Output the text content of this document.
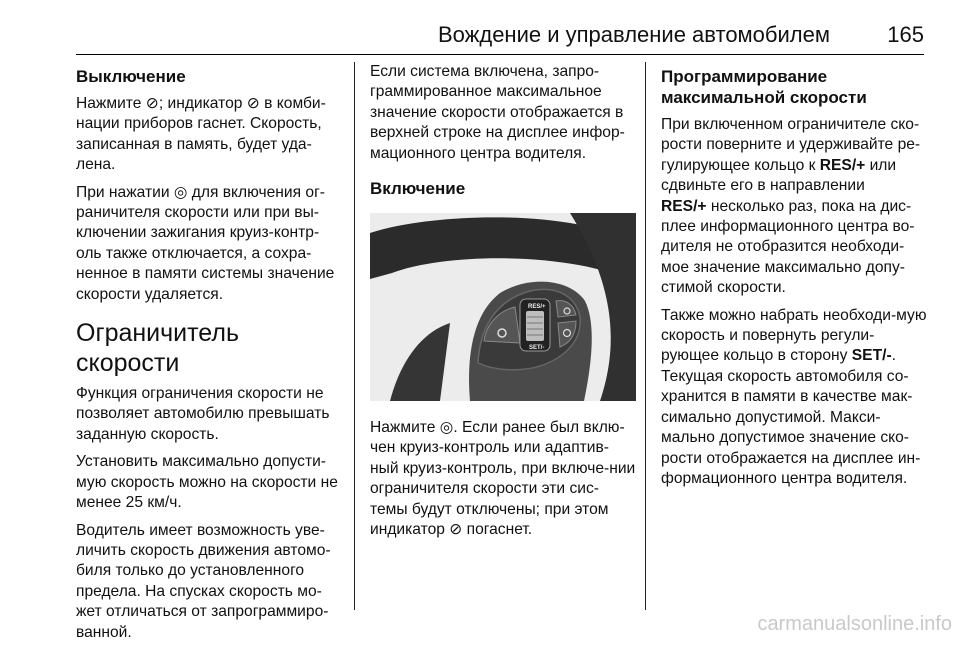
Вождение и управление автомобилем	165
Выключение

Нажмите ⊘; индикатор ⊘ в комби-нации приборов гаснет. Скорость, записанная в память, будет уда-лена.

При нажатии ◎ для включения ог-раничителя скорости или при вы-ключении зажигания круиз-контр-оль также отключается, а сохра-ненное в памяти системы значение скорости удаляется.

Ограничитель скорости

Функция ограничения скорости не позволяет автомобилю превышать заданную скорость.

Установить максимально допусти-мую скорость можно на скорости не менее 25 км/ч.

Водитель имеет возможность уве-личить скорость движения автомо-биля только до установленного предела. На спусках скорость мо-жет отличаться от запрограммиро-ванной.

Если система включена, запро-граммированное максимальное значение скорости отображается в верхней строке на дисплее инфор-мационного центра водителя.

Включение
RES/+
SET/-

Нажмите ◎. Если ранее был вклю-чен круиз-контроль или адаптив-ный круиз-контроль, при включе-нии ограничителя скорости эти сис-темы будут отключены; при этом индикатор ⊘ погаснет.

Программирование максимальной скорости

При включенном ограничителе ско-рости поверните и удерживайте ре-гулирующее кольцо к RES/+ или сдвиньте его в направлении
RES/+ несколько раз, пока на дис-плее информационного центра во-дителя не отобразится необходи-мое значение максимально допу-стимой скорости.

Также можно набрать необходи-мую скорость и повернуть регули-рующее кольцо в сторону SET/-. Текущая скорость автомобиля со-хранится в памяти в качестве мак-симально допустимой. Макси-мально допустимое значение ско-рости отображается на дисплее ин-формационного центра водителя.

carmanualsonline.info
